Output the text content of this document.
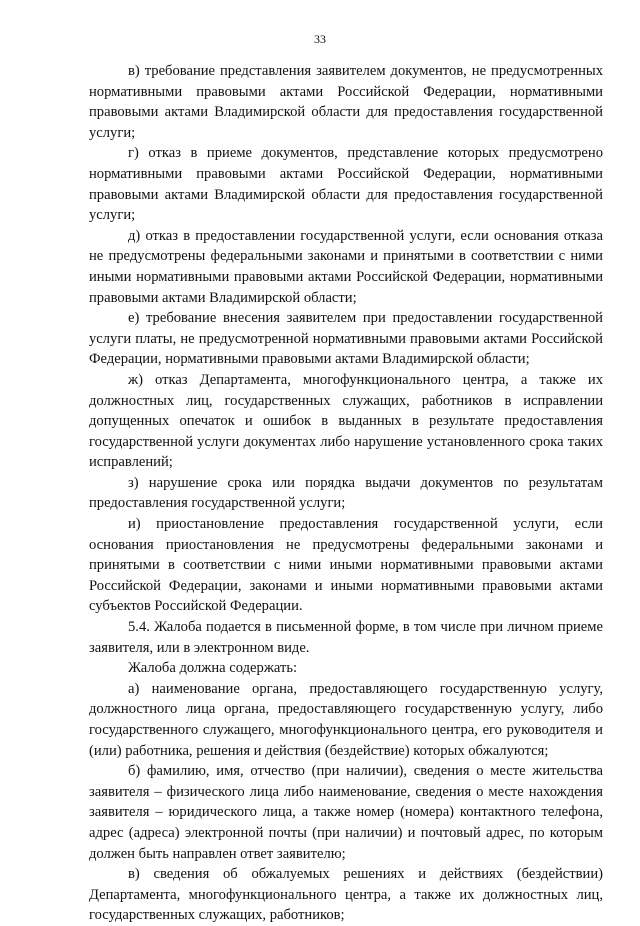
33

в) требование представления заявителем документов, не предусмотренных нормативными правовыми актами Российской Федерации, нормативными правовыми актами Владимирской области для предоставления государственной услуги;

г) отказ в приеме документов, представление которых предусмотрено нормативными правовыми актами Российской Федерации, нормативными правовыми актами Владимирской области для предоставления государственной услуги;

д) отказ в предоставлении государственной услуги, если основания отказа не предусмотрены федеральными законами и принятыми в соответствии с ними иными нормативными правовыми актами Российской Федерации, нормативными правовыми актами Владимирской области;

е) требование внесения заявителем при предоставлении государственной услуги платы, не предусмотренной нормативными правовыми актами Российской Федерации, нормативными правовыми актами Владимирской области;

ж) отказ Департамента, многофункционального центра, а также их должностных лиц, государственных служащих, работников в исправлении допущенных опечаток и ошибок в выданных в результате предоставления государственной услуги документах либо нарушение установленного срока таких исправлений;

з) нарушение срока или порядка выдачи документов по результатам предоставления государственной услуги;

и) приостановление предоставления государственной услуги, если основания приостановления не предусмотрены федеральными законами и принятыми в соответствии с ними иными нормативными правовыми актами Российской Федерации, законами и иными нормативными правовыми актами субъектов Российской Федерации.

5.4. Жалоба подается в письменной форме, в том числе при личном приеме заявителя, или в электронном виде.

Жалоба должна содержать:

а) наименование органа, предоставляющего государственную услугу, должностного лица органа, предоставляющего государственную услугу, либо государственного служащего, многофункционального центра, его руководителя и (или) работника, решения и действия (бездействие) которых обжалуются;

б) фамилию, имя, отчество (при наличии), сведения о месте жительства заявителя – физического лица либо наименование, сведения о месте нахождения заявителя – юридического лица, а также номер (номера) контактного телефона, адрес (адреса) электронной почты (при наличии) и почтовый адрес, по которым должен быть направлен ответ заявителю;

в) сведения об обжалуемых решениях и действиях (бездействии) Департамента, многофункционального центра, а также их должностных лиц, государственных служащих, работников;
